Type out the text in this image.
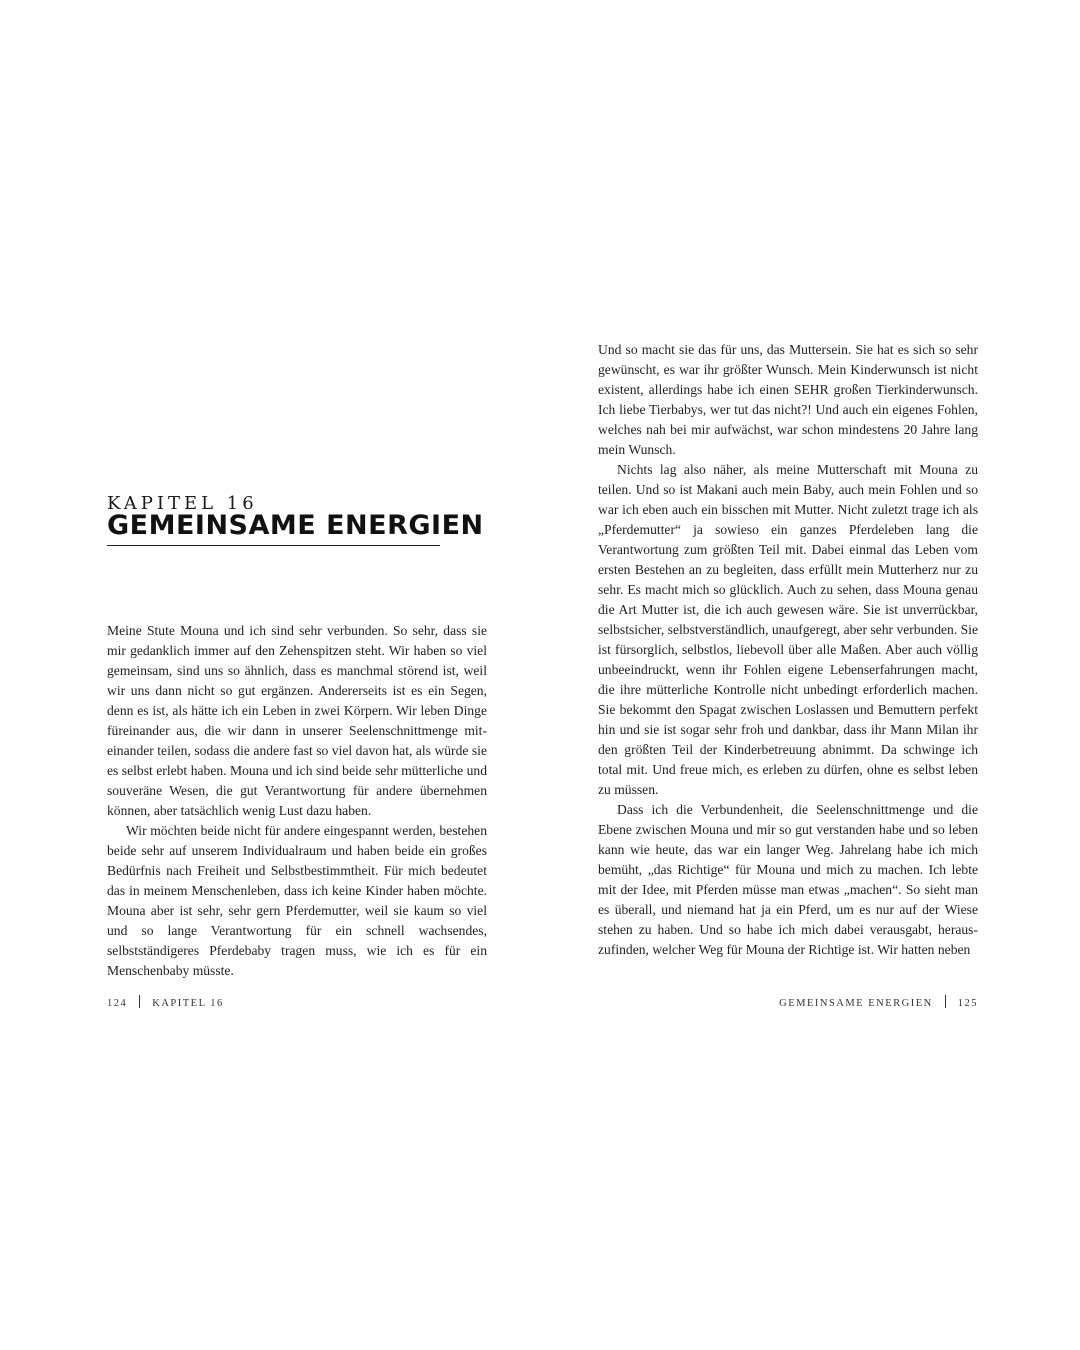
KAPITEL 16
GEMEINSAME ENERGIEN

Meine Stute Mouna und ich sind sehr verbunden. So sehr, dass sie mir gedanklich immer auf den Zehenspitzen steht. Wir haben so viel gemeinsam, sind uns so ähnlich, dass es manchmal störend ist, weil wir uns dann nicht so gut ergänzen. Andererseits ist es ein Segen, denn es ist, als hätte ich ein Leben in zwei Körpern. Wir leben Dinge füreinander aus, die wir dann in unserer Seelenschnittmenge miteinander teilen, sodass die andere fast so viel davon hat, als würde sie es selbst erlebt haben. Mouna und ich sind beide sehr mütterliche und souveräne Wesen, die gut Verantwortung für andere übernehmen können, aber tatsächlich wenig Lust dazu haben.

Wir möchten beide nicht für andere eingespannt werden, bestehen beide sehr auf unserem Individualraum und haben beide ein großes Bedürfnis nach Freiheit und Selbstbestimmtheit. Für mich bedeutet das in meinem Menschenleben, dass ich keine Kinder haben möchte. Mouna aber ist sehr, sehr gern Pferdemutter, weil sie kaum so viel und so lange Verantwortung für ein schnell wachsendes, selbstständigeres Pferdebaby tragen muss, wie ich es für ein Menschenbaby müsste.

Und so macht sie das für uns, das Muttersein. Sie hat es sich so sehr gewünscht, es war ihr größter Wunsch. Mein Kinderwunsch ist nicht existent, allerdings habe ich einen SEHR großen Tierkinderwunsch. Ich liebe Tierbabys, wer tut das nicht?! Und auch ein eigenes Fohlen, welches nah bei mir aufwächst, war schon mindestens 20 Jahre lang mein Wunsch.

Nichts lag also näher, als meine Mutterschaft mit Mouna zu teilen. Und so ist Makani auch mein Baby, auch mein Fohlen und so war ich eben auch ein bisschen mit Mutter. Nicht zuletzt trage ich als „Pferdemutter“ ja sowieso ein ganzes Pferdeleben lang die Verantwortung zum größten Teil mit. Dabei einmal das Leben vom ersten Bestehen an zu begleiten, dass erfüllt mein Mutterherz nur zu sehr. Es macht mich so glücklich. Auch zu sehen, dass Mouna genau die Art Mutter ist, die ich auch gewesen wäre. Sie ist unverrückbar, selbstsicher, selbstverständlich, unaufgeregt, aber sehr verbunden. Sie ist fürsorglich, selbstlos, liebevoll über alle Maßen. Aber auch völlig unbeeindruckt, wenn ihr Fohlen eigene Lebenserfahrungen macht, die ihre mütterliche Kontrolle nicht unbedingt erforderlich machen. Sie bekommt den Spagat zwischen Loslassen und Bemuttern perfekt hin und sie ist sogar sehr froh und dankbar, dass ihr Mann Milan ihr den größten Teil der Kinderbetreuung abnimmt. Da schwinge ich total mit. Und freue mich, es erleben zu dürfen, ohne es selbst leben zu müssen.

Dass ich die Verbundenheit, die Seelenschnittmenge und die Ebene zwischen Mouna und mir so gut verstanden habe und so leben kann wie heute, das war ein langer Weg. Jahrelang habe ich mich bemüht, „das Richtige“ für Mouna und mich zu machen. Ich lebte mit der Idee, mit Pferden müsse man etwas „machen“. So sieht man es überall, und niemand hat ja ein Pferd, um es nur auf der Wiese stehen zu haben. Und so habe ich mich dabei verausgabt, herauszufinden, welcher Weg für Mouna der Richtige ist. Wir hatten neben

124 KAPITEL 16	GEMEINSAME ENERGIEN 125
